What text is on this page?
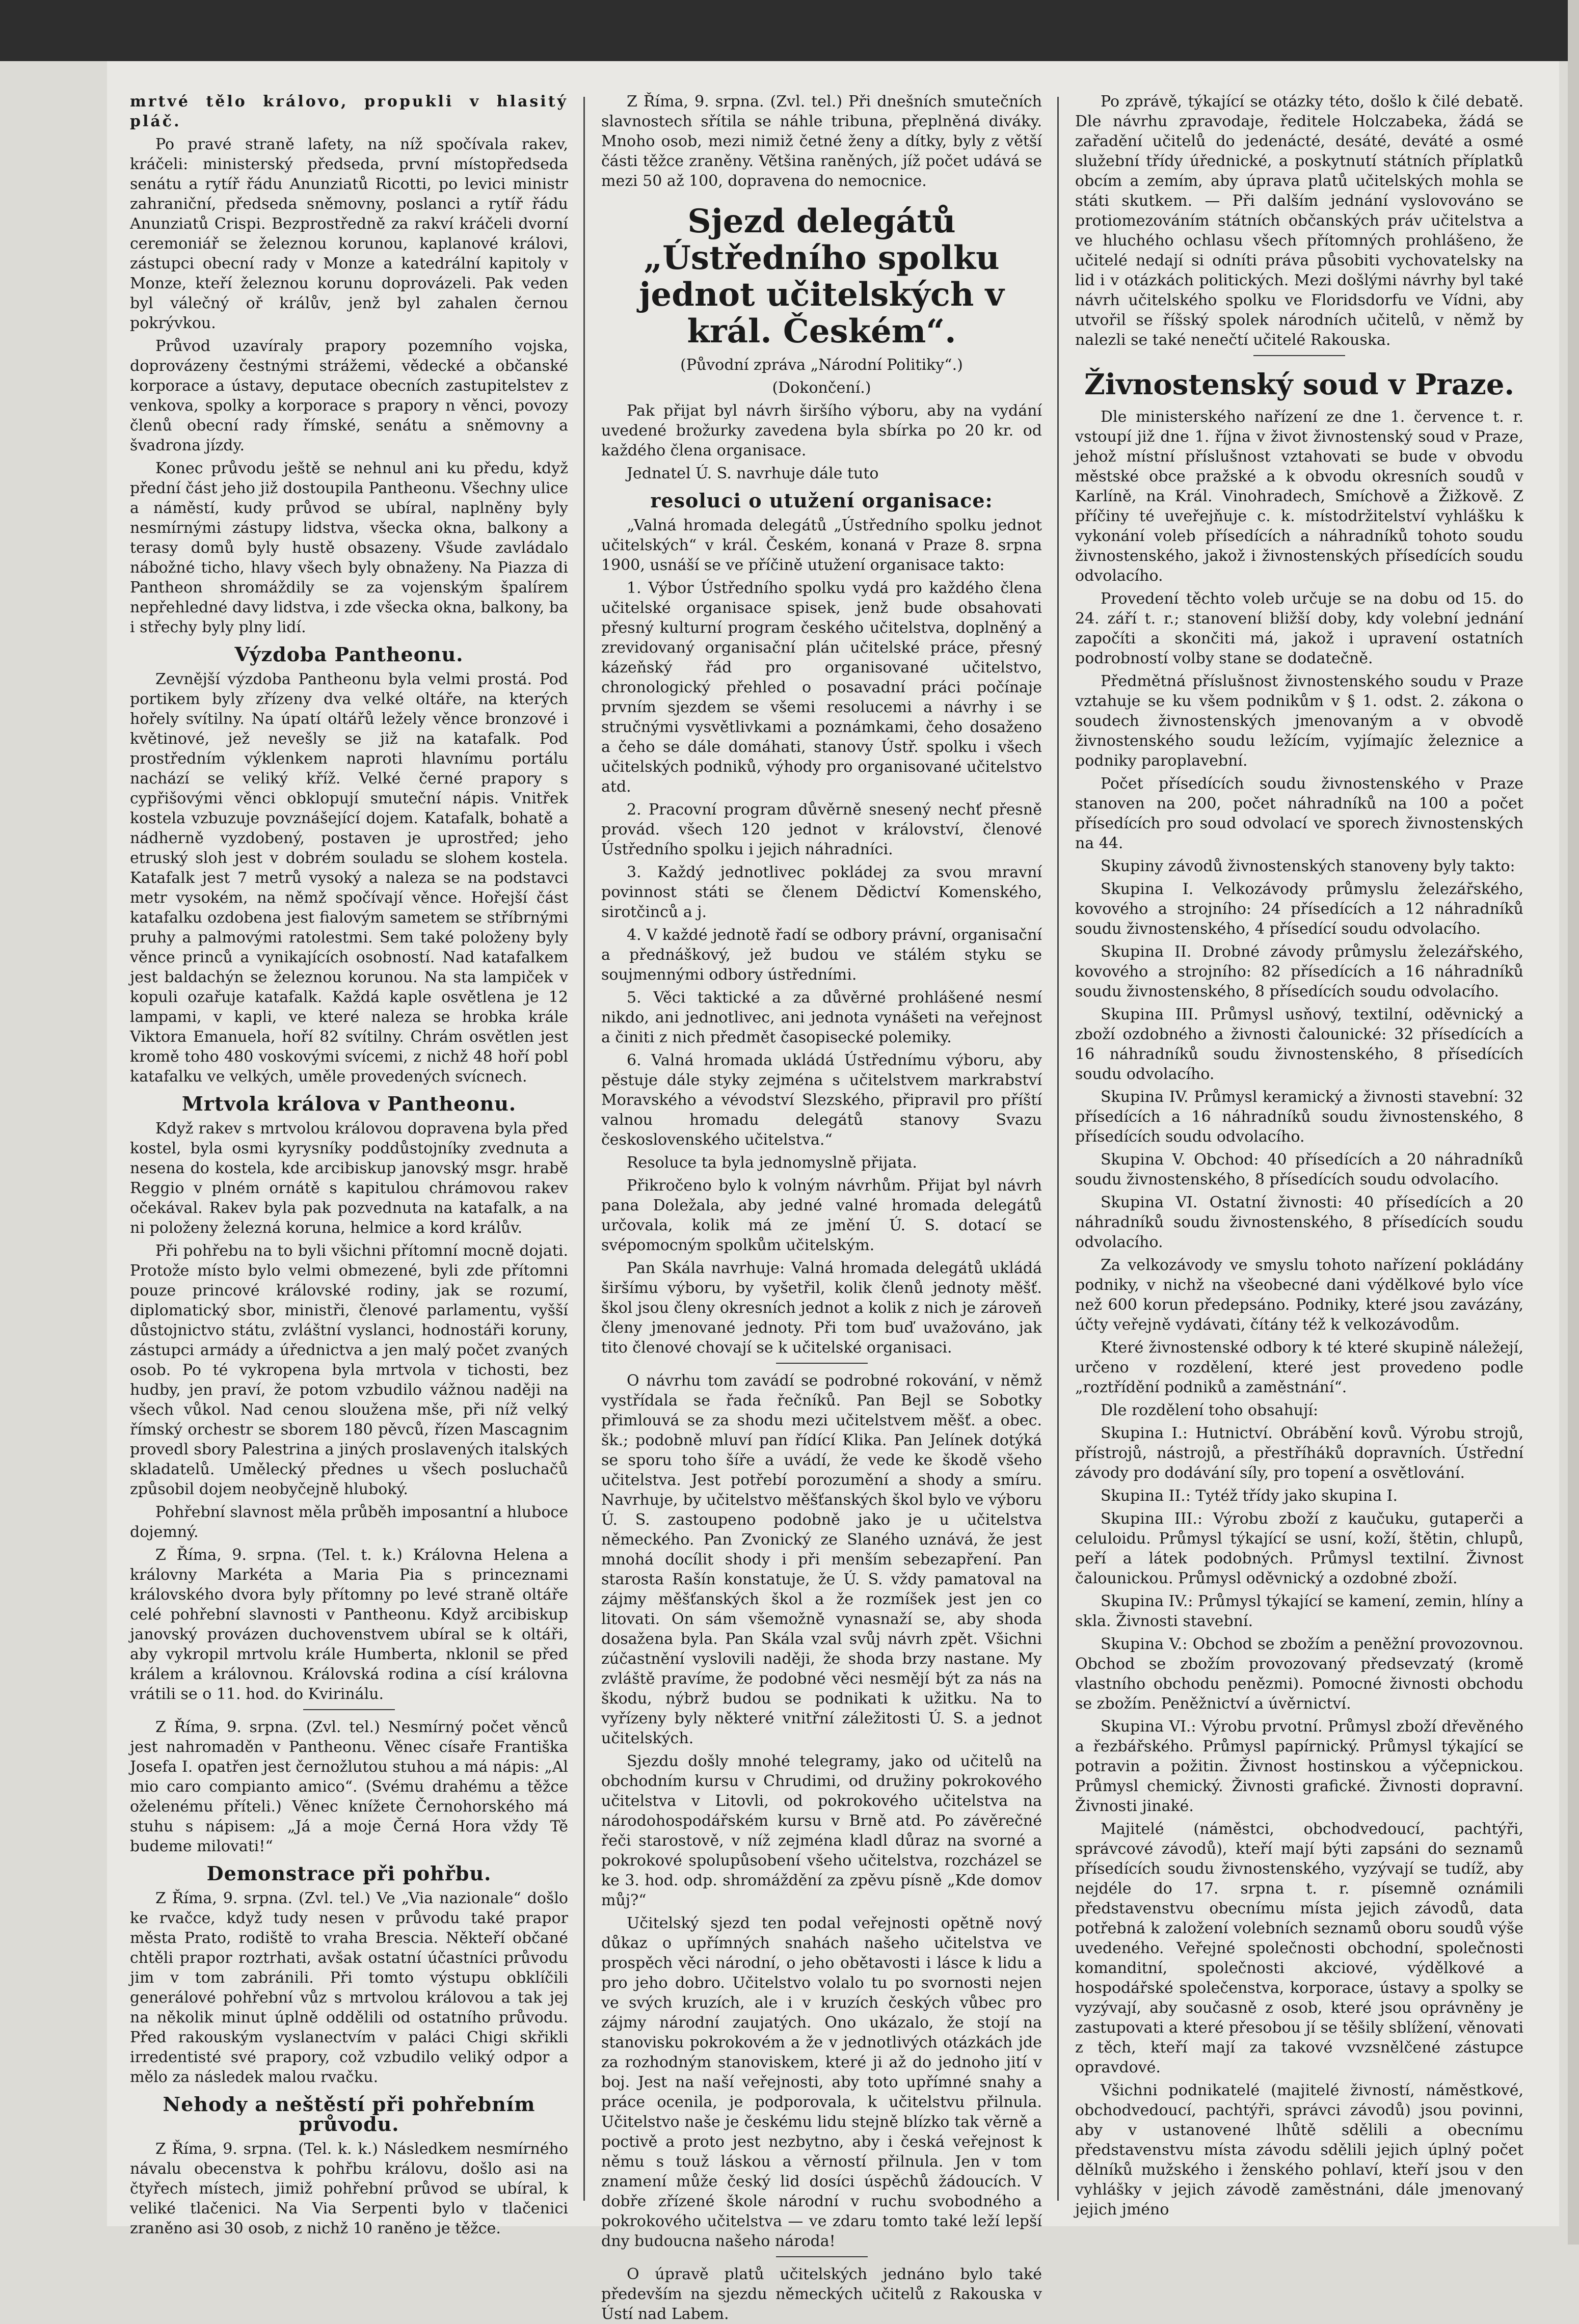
mrtvé tělo královo, propukli v hlasitý pláč.

Po pravé straně lafety, na níž spočívala rakev, kráčeli: ministerský předseda, první místopředseda senátu a rytíř řádu Anunziatů Ricotti, po levici ministr zahraniční, předseda sněmovny, poslanci a rytíř řádu Anunziatů Crispi. Bezprostředně za rakví kráčeli dvorní ceremoniář se železnou korunou, kaplanové královi, zástupci obecní rady v Monze a katedrální kapitoly v Monze, kteří železnou korunu doprovázeli. Pak veden byl válečný oř králův, jenž byl zahalen černou pokrývkou.

Průvod uzavíraly prapory pozemního vojska, doprovázeny čestnými strážemi, vědecké a občanské korporace a ústavy, deputace obecních zastupitelstev z venkova, spolky a korporace s prapory n věnci, povozy členů obecní rady římské, senátu a sněmovny a švadrona jízdy.

Konec průvodu ještě se nehnul ani ku předu, když přední část jeho již dostoupila Pantheonu. Všechny ulice a náměstí, kudy průvod se ubíral, naplněny byly nesmírnými zástupy lidstva, všecka okna, balkony a terasy domů byly hustě obsazeny. Všude zavládalo nábožné ticho, hlavy všech byly obnaženy. Na Piazza di Pantheon shromáždily se za vojenským špalírem nepřehledné davy lidstva, i zde všecka okna, balkony, ba i střechy byly plny lidí.

Výzdoba Pantheonu.

Zevnější výzdoba Pantheonu byla velmi prostá. Pod portikem byly zřízeny dva velké oltáře, na kterých hořely svítilny. Na úpatí oltářů ležely věnce bronzové i květinové, jež nevešly se již na katafalk. Pod prostředním výklenkem naproti hlavnímu portálu nachází se veliký kříž. Velké černé prapory s cypřišovými věnci obklopují smuteční nápis. Vnitřek kostela vzbuzuje povznášející dojem. Katafalk, bohatě a nádherně vyzdobený, postaven je uprostřed; jeho etruský sloh jest v dobrém souladu se slohem kostela. Katafalk jest 7 metrů vysoký a naleza se na podstavci metr vysokém, na němž spočívají věnce. Hořejší část katafalku ozdobena jest fialovým sametem se stříbrnými pruhy a palmovými ratolestmi. Sem také položeny byly věnce princů a vynikajících osobností. Nad katafalkem jest baldachýn se železnou korunou. Na sta lampiček v kopuli ozařuje katafalk. Každá kaple osvětlena je 12 lampami, v kapli, ve které naleza se hrobka krále Viktora Emanuela, hoří 82 svítilny. Chrám osvětlen jest kromě toho 480 voskovými svícemi, z nichž 48 hoří pobl katafalku ve velkých, uměle provedených svícnech.

Mrtvola králova v Pantheonu.

Když rakev s mrtvolou královou dopravena byla před kostel, byla osmi kyrysníky poddůstojníky zvednuta a nesena do kostela, kde arcibiskup janovský msgr. hrabě Reggio v plném ornátě s kapitulou chrámovou rakev očekával. Rakev byla pak pozvednuta na katafalk, a na ni položeny železná koruna, helmice a kord králův.

Při pohřebu na to byli všichni přítomní mocně dojati. Protože místo bylo velmi obmezené, byli zde přítomni pouze princové královské rodiny, jak se rozumí, diplomatický sbor, ministři, členové parlamentu, vyšší důstojnictvo státu, zvláštní vyslanci, hodnostáři koruny, zástupci armády a úřednictva a jen malý počet zvaných osob. Po té vykropena byla mrtvola v tichosti, bez hudby, jen praví, že potom vzbudilo vážnou naději na všech vůkol. Nad cenou sloužena mše, při níž velký římský orchestr se sborem 180 pěvců, řízen Mascagnim provedl sbory Palestrina a jiných proslavených italských skladatelů. Umělecký přednes u všech posluchačů způsobil dojem neobyčejně hluboký.

Pohřební slavnost měla průběh imposantní a hluboce dojemný.

Z Říma, 9. srpna. (Tel. t. k.) Královna Helena a královny Markéta a Maria Pia s princeznami královského dvora byly přítomny po levé straně oltáře celé pohřební slavnosti v Pantheonu. Když arcibiskup janovský provázen duchovenstvem ubíral se k oltáři, aby vykropil mrtvolu krále Humberta, nklonil se před králem a královnou. Královská rodina a císí královna vrátili se o 11. hod. do Kvirinálu.

Z Říma, 9. srpna. (Zvl. tel.) Nesmírný počet věnců jest nahromaděn v Pantheonu. Věnec císaře Františka Josefa I. opatřen jest černožlutou stuhou a má nápis: „Al mio caro compianto amico“. (Svému drahému a těžce oželenému příteli.) Věnec knížete Černohorského má stuhu s nápisem: „Já a moje Černá Hora vždy Tě budeme milovati!“

Demonstrace při pohřbu.

Z Říma, 9. srpna. (Zvl. tel.) Ve „Via nazionale“ došlo ke rvačce, když tudy nesen v průvodu také prapor města Prato, rodiště to vraha Brescia. Někteří občané chtěli prapor roztrhati, avšak ostatní účastníci průvodu jim v tom zabránili. Při tomto výstupu obklíčili generálové pohřební vůz s mrtvolou královou a tak jej na několik minut úplně oddělili od ostatního průvodu. Před rakouským vyslanectvím v paláci Chigi skřikli irredentisté své prapory, což vzbudilo veliký odpor a mělo za následek malou rvačku.

Nehody a neštěstí při pohřebním průvodu.

Z Říma, 9. srpna. (Tel. k. k.) Následkem nesmírného návalu obecenstva k pohřbu královu, došlo asi na čtyřech místech, jimiž pohřební průvod se ubíral, k veliké tlačenici. Na Via Serpenti bylo v tlačenici zraněno asi 30 osob, z nichž 10 raněno je těžce.

Z Říma, 9. srpna. (Zvl. tel.) Při dnešních smutečních slavnostech sřítila se náhle tribuna, přeplněná diváky. Mnoho osob, mezi nimiž četné ženy a dítky, byly z větší části těžce zraněny. Většina raněných, jíž počet udává se mezi 50 až 100, dopravena do nemocnice.

Sjezd delegátů „Ústředního spolku jednot učitelských v král. Českém“.

(Původní zpráva „Národní Politiky“.)

(Dokončení.)

Pak přijat byl návrh širšího výboru, aby na vydání uvedené brožurky zavedena byla sbírka po 20 kr. od každého člena organisace.

Jednatel Ú. S. navrhuje dále tuto

resoluci o utužení organisace:

„Valná hromada delegátů „Ústředního spolku jednot učitelských“ v král. Českém, konaná v Praze 8. srpna 1900, usnáší se ve příčině utužení organisace takto:

1. Výbor Ústředního spolku vydá pro každého člena učitelské organisace spisek, jenž bude obsahovati přesný kulturní program českého učitelstva, doplněný a zrevidovaný organisační plán učitelské práce, přesný kázeňský řád pro organisované učitelstvo, chronologický přehled o posavadní práci počínaje prvním sjezdem se všemi resolucemi a návrhy i se stručnými vysvětlivkami a poznámkami, čeho dosaženo a čeho se dále domáhati, stanovy Ústř. spolku i všech učitelských podniků, výhody pro organisované učitelstvo atd.

2. Pracovní program důvěrně snesený nechť přesně provád. všech 120 jednot v království, členové Ústředního spolku i jejich náhradníci.

3. Každý jednotlivec pokládej za svou mravní povinnost státi se členem Dědictví Komenského, sirotčinců a j.

4. V každé jednotě řadí se odbory právní, organisační a přednáškový, jež budou ve stálém styku se soujmennými odbory ústředními.

5. Věci taktické a za důvěrné prohlášené nesmí nikdo, ani jednotlivec, ani jednota vynášeti na veřejnost a činiti z nich předmět časopisecké polemiky.

6. Valná hromada ukládá Ústřednímu výboru, aby pěstuje dále styky zejména s učitelstvem markrabství Moravského a vévodství Slezského, připravil pro příští valnou hromadu delegátů stanovy Svazu československého učitelstva.“

Resoluce ta byla jednomyslně přijata.

Přikročeno bylo k volným návrhům. Přijat byl návrh pana Doležala, aby jedné valné hromada delegátů určovala, kolik má ze jmění Ú. S. dotací se svépomocným spolkům učitelským.

Pan Skála navrhuje: Valná hromada delegátů ukládá širšímu výboru, by vyšetřil, kolik členů jednoty měšť. škol jsou členy okresních jednot a kolik z nich je zároveň členy jmenované jednoty. Při tom buď uvažováno, jak tito členové chovají se k učitelské organisaci.

O návrhu tom zavádí se podrobné rokování, v němž vystřídala se řada řečníků. Pan Bejl se Sobotky přimlouvá se za shodu mezi učitelstvem měšť. a obec. šk.; podobně mluví pan řídící Klika. Pan Jelínek dotýká se sporu toho šíře a uvádí, že vede ke škodě všeho učitelstva. Jest potřebí porozumění a shody a smíru. Navrhuje, by učitelstvo měšťanských škol bylo ve výboru Ú. S. zastoupeno podobně jako je u učitelstva německého. Pan Zvonický ze Slaného uznává, že jest mnohá docílit shody i při menším sebezapření. Pan starosta Rašín konstatuje, že Ú. S. vždy pamatoval na zájmy měšťanských škol a že rozmíšek jest jen co litovati. On sám všemožně vynasnaží se, aby shoda dosažena byla. Pan Skála vzal svůj návrh zpět. Všichni zúčastnění vyslovili naději, že shoda brzy nastane. My zvláště pravíme, že podobné věci nesmějí být za nás na škodu, nýbrž budou se podnikati k užitku. Na to vyřízeny byly některé vnitřní záležitosti Ú. S. a jednot učitelských.

Sjezdu došly mnohé telegramy, jako od učitelů na obchodním kursu v Chrudimi, od družiny pokrokového učitelstva v Litovli, od pokrokového učitelstva na národohospodářském kursu v Brně atd. Po závěrečné řeči starostově, v níž zejména kladl důraz na svorné a pokrokové spolupůsobení všeho učitelstva, rozcházel se ke 3. hod. odp. shromáždění za zpěvu písně „Kde domov můj?“

Učitelský sjezd ten podal veřejnosti opětně nový důkaz o upřímných snahách našeho učitelstva ve prospěch věci národní, o jeho obětavosti i lásce k lidu a pro jeho dobro. Učitelstvo volalo tu po svornosti nejen ve svých kruzích, ale i v kruzích českých vůbec pro zájmy národní zaujatých. Ono ukázalo, že stojí na stanovisku pokrokovém a že v jednotlivých otázkách jde za rozhodným stanoviskem, které ji až do jednoho jití v boj. Jest na naší veřejnosti, aby toto upřímné snahy a práce ocenila, je podporovala, k učitelstvu přilnula. Učitelstvo naše je českému lidu stejně blízko tak věrně a poctivě a proto jest nezbytno, aby i česká veřejnost k němu s touž láskou a věrností přilnula. Jen v tom znamení může český lid dosíci úspěchů žádoucích. V dobře zřízené škole národní v ruchu svobodného a pokrokového učitelstva — ve zdaru tomto také leží lepší dny budoucna našeho národa!

O úpravě platů učitelských jednáno bylo také především na sjezdu německých učitelů z Rakouska v Ústí nad Labem.

Po zprávě, týkající se otázky této, došlo k čilé debatě. Dle návrhu zpravodaje, ředitele Holczabeka, žádá se zařadění učitelů do jedenácté, desáté, deváté a osmé služební třídy úřednické, a poskytnutí státních příplatků obcím a zemím, aby úprava platů učitelských mohla se státi skutkem. — Při dalším jednání vyslovováno se protiomezováním státních občanských práv učitelstva a ve hluchého ochlasu všech přítomných prohlášeno, že učitelé nedají si odníti práva působiti vychovatelsky na lid i v otázkách politických. Mezi došlými návrhy byl také návrh učitelského spolku ve Floridsdorfu ve Vídni, aby utvořil se říšský spolek národních učitelů, v němž by nalezli se také nenečtí učitelé Rakouska.

Živnostenský soud v Praze.

Dle ministerského nařízení ze dne 1. července t. r. vstoupí již dne 1. října v život živnostenský soud v Praze, jehož místní příslušnost vztahovati se bude v obvodu městské obce pražské a k obvodu okresních soudů v Karlíně, na Král. Vinohradech, Smíchově a Žižkově. Z příčiny té uveřejňuje c. k. místodržitelství vyhlášku k vykonání voleb přísedících a náhradníků tohoto soudu živnostenského, jakož i živnostenských přísedících soudu odvolacího.

Provedení těchto voleb určuje se na dobu od 15. do 24. září t. r.; stanovení bližší doby, kdy volební jednání započíti a skončiti má, jakož i upravení ostatních podrobností volby stane se dodatečně.

Předmětná příslušnost živnostenského soudu v Praze vztahuje se ku všem podnikům v § 1. odst. 2. zákona o soudech živnostenských jmenovaným a v obvodě živnostenského soudu ležícím, vyjímajíc železnice a podniky paroplavební.

Počet přísedících soudu živnostenského v Praze stanoven na 200, počet náhradníků na 100 a počet přísedících pro soud odvolací ve sporech živnostenských na 44.

Skupiny závodů živnostenských stanoveny byly takto:

Skupina I. Velkozávody průmyslu železářského, kovového a strojního: 24 přísedících a 12 náhradníků soudu živnostenského, 4 přísedící soudu odvolacího.

Skupina II. Drobné závody průmyslu železářského, kovového a strojního: 82 přísedících a 16 náhradníků soudu živnostenského, 8 přísedících soudu odvolacího.

Skupina III. Průmysl usňový, textilní, oděvnický a zboží ozdobného a živnosti čalounické: 32 přísedících a 16 náhradníků soudu živnostenského, 8 přísedících soudu odvolacího.

Skupina IV. Průmysl keramický a živnosti stavební: 32 přísedících a 16 náhradníků soudu živnostenského, 8 přísedících soudu odvolacího.

Skupina V. Obchod: 40 přísedících a 20 náhradníků soudu živnostenského, 8 přísedících soudu odvolacího.

Skupina VI. Ostatní živnosti: 40 přísedících a 20 náhradníků soudu živnostenského, 8 přísedících soudu odvolacího.

Za velkozávody ve smyslu tohoto nařízení pokládány podniky, v nichž na všeobecné dani výdělkové bylo více než 600 korun předepsáno. Podniky, které jsou zavázány, účty veřejně vydávati, čítány též k velkozávodům.

Které živnostenské odbory k té které skupině náležejí, určeno v rozdělení, které jest provedeno podle „roztřídění podniků a zaměstnání“.

Dle rozdělení toho obsahují:

Skupina I.: Hutnictví. Obrábění kovů. Výrobu strojů, přístrojů, nástrojů, a přestříháků dopravních. Ústřední závody pro dodávání síly, pro topení a osvětlování.

Skupina II.: Tytéž třídy jako skupina I.

Skupina III.: Výrobu zboží z kaučuku, gutaperči a celuloidu. Průmysl týkající se usní, koží, štětin, chlupů, peří a látek podobných. Průmysl textilní. Živnost čalounickou. Průmysl oděvnický a ozdobné zboží.

Skupina IV.: Průmysl týkající se kamení, zemin, hlíny a skla. Živnosti stavební.

Skupina V.: Obchod se zbožím a peněžní provozovnou. Obchod se zbožím provozovaný předsevzatý (kromě vlastního obchodu penězmi). Pomocné živnosti obchodu se zbožím. Peněžnictví a úvěrnictví.

Skupina VI.: Výrobu prvotní. Průmysl zboží dřevěného a řezbářského. Průmysl papírnický. Průmysl týkající se potravin a požitin. Živnost hostinskou a výčepnickou. Průmysl chemický. Živnosti grafické. Živnosti dopravní. Živnosti jinaké.

Majitelé (náměstci, obchodvedoucí, pachtýři, správcové závodů), kteří mají býti zapsáni do seznamů přísedících soudu živnostenského, vyzývají se tudíž, aby nejdéle do 17. srpna t. r. písemně oznámili představenstvu obecnímu místa jejich závodů, data potřebná k založení volebních seznamů oboru soudů výše uvedeného. Veřejné společnosti obchodní, společnosti komanditní, společnosti akciové, výdělkové a hospodářské společenstva, korporace, ústavy a spolky se vyzývají, aby současně z osob, které jsou oprávněny je zastupovati a které přesobou jí se těšily sblížení, věnovati z těch, kteří mají za takové vvzsnělčené zástupce opravdové.

Všichni podnikatelé (majitelé živností, náměstkové, obchodvedoucí, pachtýři, správci závodů) jsou povinni, aby v ustanovené lhůtě sdělili a obecnímu představenstvu místa závodu sdělili jejich úplný počet dělníků mužského i ženského pohlaví, kteří jsou v den vyhlášky v jejich závodě zaměstnáni, dále jmenovaný jejich jméno
